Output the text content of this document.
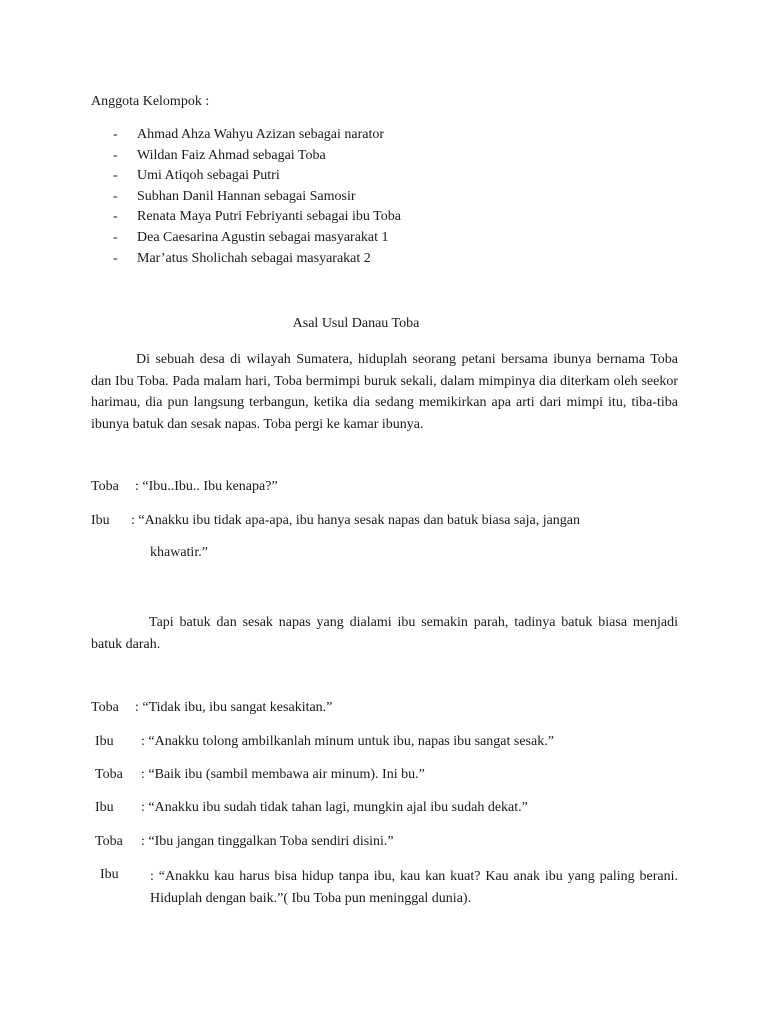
Anggota Kelompok :
- Ahmad Ahza Wahyu Azizan sebagai narator
- Wildan Faiz Ahmad sebagai Toba
- Umi Atiqoh sebagai Putri
- Subhan Danil Hannan sebagai Samosir
- Renata Maya Putri Febriyanti sebagai ibu Toba
- Dea Caesarina Agustin sebagai masyarakat 1
- Mar’atus Sholichah sebagai masyarakat 2
Asal Usul Danau Toba
Di sebuah desa di wilayah Sumatera, hiduplah seorang petani bersama ibunya bernama Toba dan Ibu Toba. Pada malam hari, Toba bermimpi buruk sekali, dalam mimpinya dia diterkam oleh seekor harimau, dia pun langsung terbangun, ketika dia sedang memikirkan apa arti dari mimpi itu, tiba-tiba ibunya batuk dan sesak napas. Toba pergi ke kamar ibunya.
Toba : “Ibu..Ibu.. Ibu kenapa?”
Ibu : “Anakku ibu tidak apa-apa, ibu hanya sesak napas dan batuk biasa saja, jangan
khawatir.”
Tapi batuk dan sesak napas yang dialami ibu semakin parah, tadinya batuk biasa menjadi batuk darah.
Toba : “Tidak ibu, ibu sangat kesakitan.”
Ibu : “Anakku tolong ambilkanlah minum untuk ibu, napas ibu sangat sesak.”
Toba : “Baik ibu (sambil membawa air minum). Ini bu.”
Ibu : “Anakku ibu sudah tidak tahan lagi, mungkin ajal ibu sudah dekat.”
Toba : “Ibu jangan tinggalkan Toba sendiri disini.”
Ibu : “Anakku kau harus bisa hidup tanpa ibu, kau kan kuat? Kau anak ibu yang paling berani. Hiduplah dengan baik.”( Ibu Toba pun meninggal dunia).
